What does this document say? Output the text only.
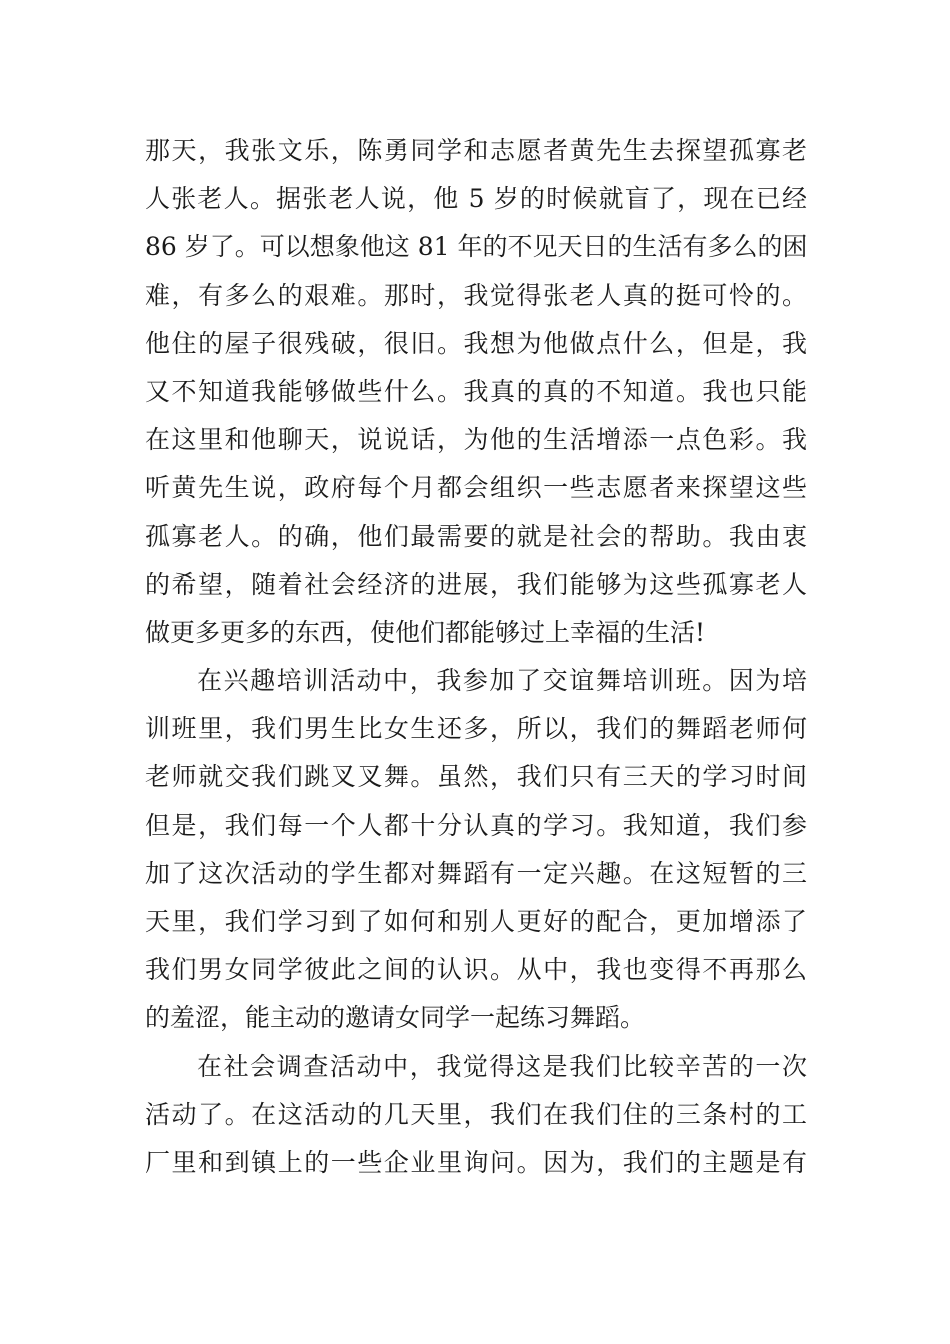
那天，我张文乐，陈勇同学和志愿者黄先生去探望孤寡老
人张老人。据张老人说，他 5 岁的时候就盲了，现在已经
86 岁了。可以想象他这 81 年的不见天日的生活有多么的困
难，有多么的艰难。那时，我觉得张老人真的挺可怜的。
他住的屋子很残破，很旧。我想为他做点什么，但是，我
又不知道我能够做些什么。我真的真的不知道。我也只能
在这里和他聊天，说说话，为他的生活增添一点色彩。我
听黄先生说，政府每个月都会组织一些志愿者来探望这些
孤寡老人。的确，他们最需要的就是社会的帮助。我由衷
的希望，随着社会经济的进展，我们能够为这些孤寡老人
做更多更多的东西，使他们都能够过上幸福的生活!
在兴趣培训活动中，我参加了交谊舞培训班。因为培
训班里，我们男生比女生还多，所以，我们的舞蹈老师何
老师就交我们跳叉叉舞。虽然，我们只有三天的学习时间
但是，我们每一个人都十分认真的学习。我知道，我们参
加了这次活动的学生都对舞蹈有一定兴趣。在这短暂的三
天里，我们学习到了如何和别人更好的配合，更加增添了
我们男女同学彼此之间的认识。从中，我也变得不再那么
的羞涩，能主动的邀请女同学一起练习舞蹈。
在社会调查活动中，我觉得这是我们比较辛苦的一次
活动了。在这活动的几天里，我们在我们住的三条村的工
厂里和到镇上的一些企业里询问。因为，我们的主题是有
